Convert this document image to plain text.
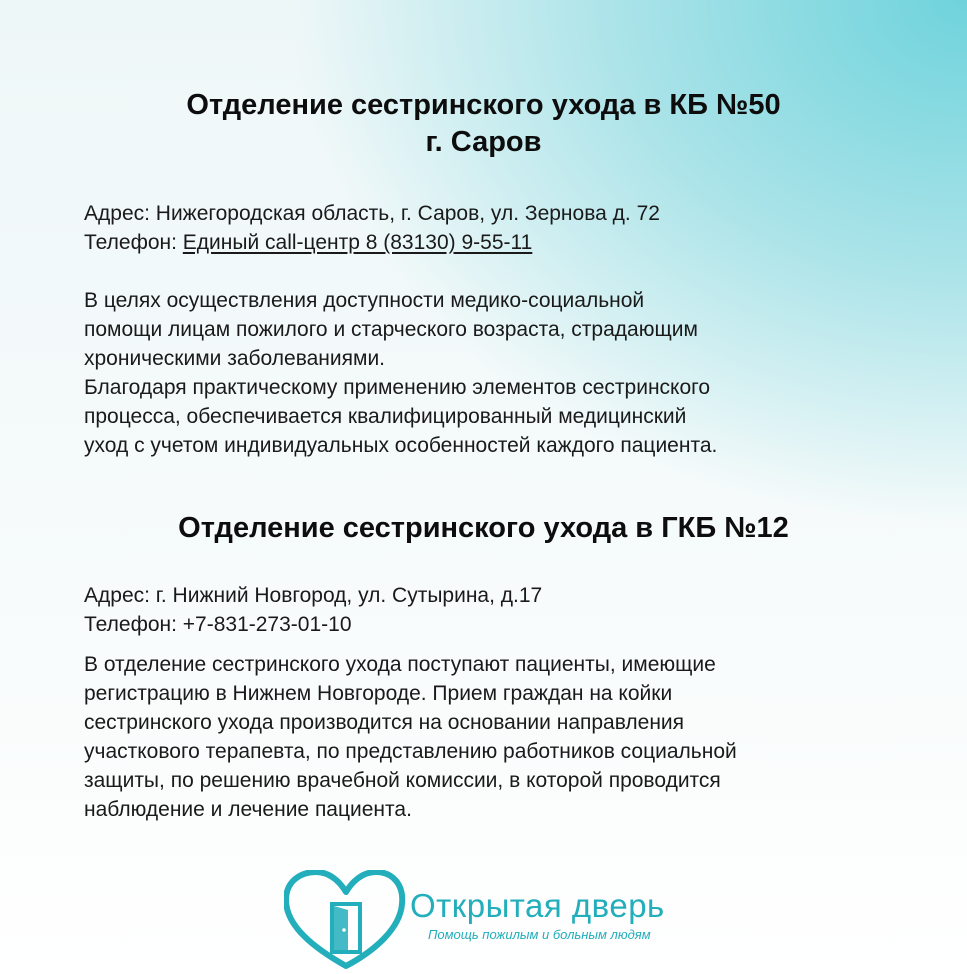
Отделение сестринского ухода в КБ №50
г. Саров
Адрес: Нижегородская область, г. Саров, ул. Зернова д. 72
Телефон: Единый call-центр 8 (83130) 9-55-11
В целях осуществления доступности медико-социальной
помощи лицам пожилого и старческого возраста, страдающим
хроническими заболеваниями.
Благодаря практическому применению элементов сестринского
процесса, обеспечивается квалифицированный медицинский
уход с учетом индивидуальных особенностей каждого пациента.
Отделение сестринского ухода в ГКБ №12
Адрес: г. Нижний Новгород, ул. Сутырина, д.17
Телефон: +7-831-273-01-10
В отделение сестринского ухода поступают пациенты, имеющие
регистрацию в Нижнем Новгороде. Прием граждан на койки
сестринского ухода производится на основании направления
участкового терапевта, по представлению работников социальной
защиты, по решению врачебной комиссии, в которой проводится
наблюдение и лечение пациента.
Открытая дверь
Помощь пожилым и больным людям
